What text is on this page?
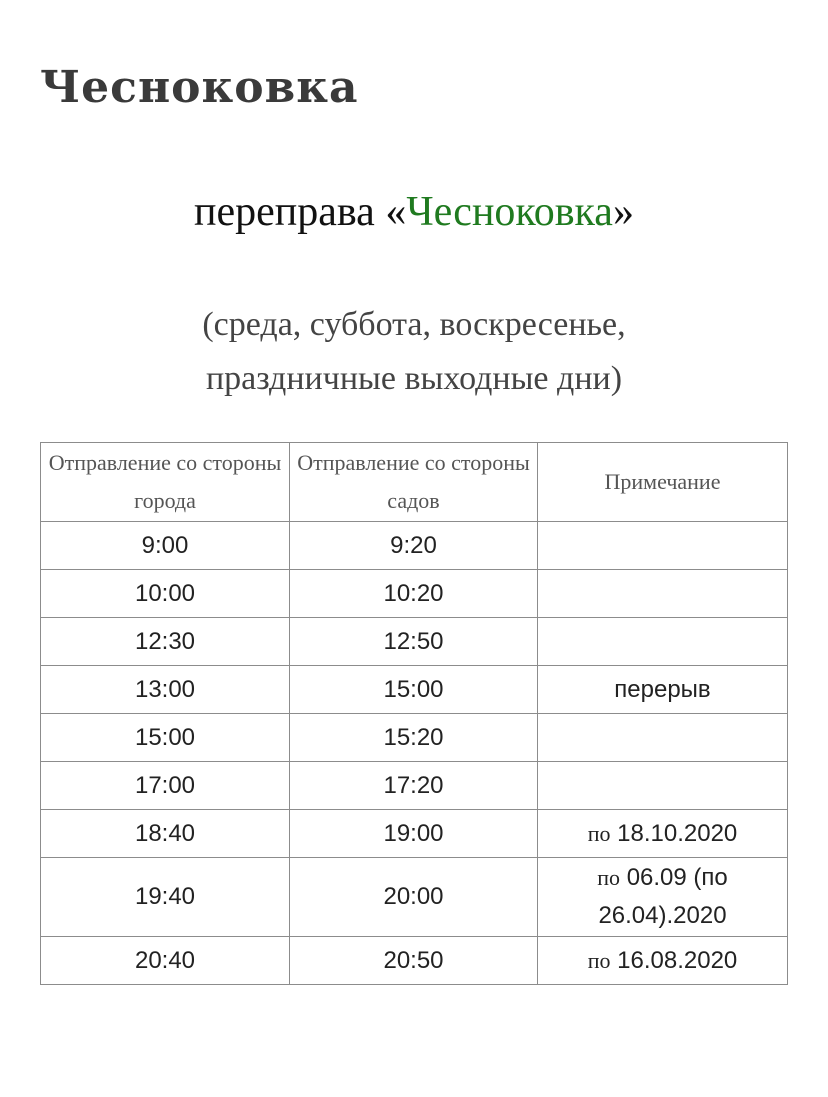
Чесноковка
переправа «Чесноковка»

(среда, суббота, воскресенье,
праздничные выходные дни)

Отправление со стороны города	Отправление со стороны садов	Примечание
9:00	9:20	
10:00	10:20	
12:30	12:50	
13:00	15:00	перерыв
15:00	15:20	
17:00	17:20	
18:40	19:00	по 18.10.2020
19:40	20:00	по 06.09 (по
26.04).2020
20:40	20:50	по 16.08.2020
